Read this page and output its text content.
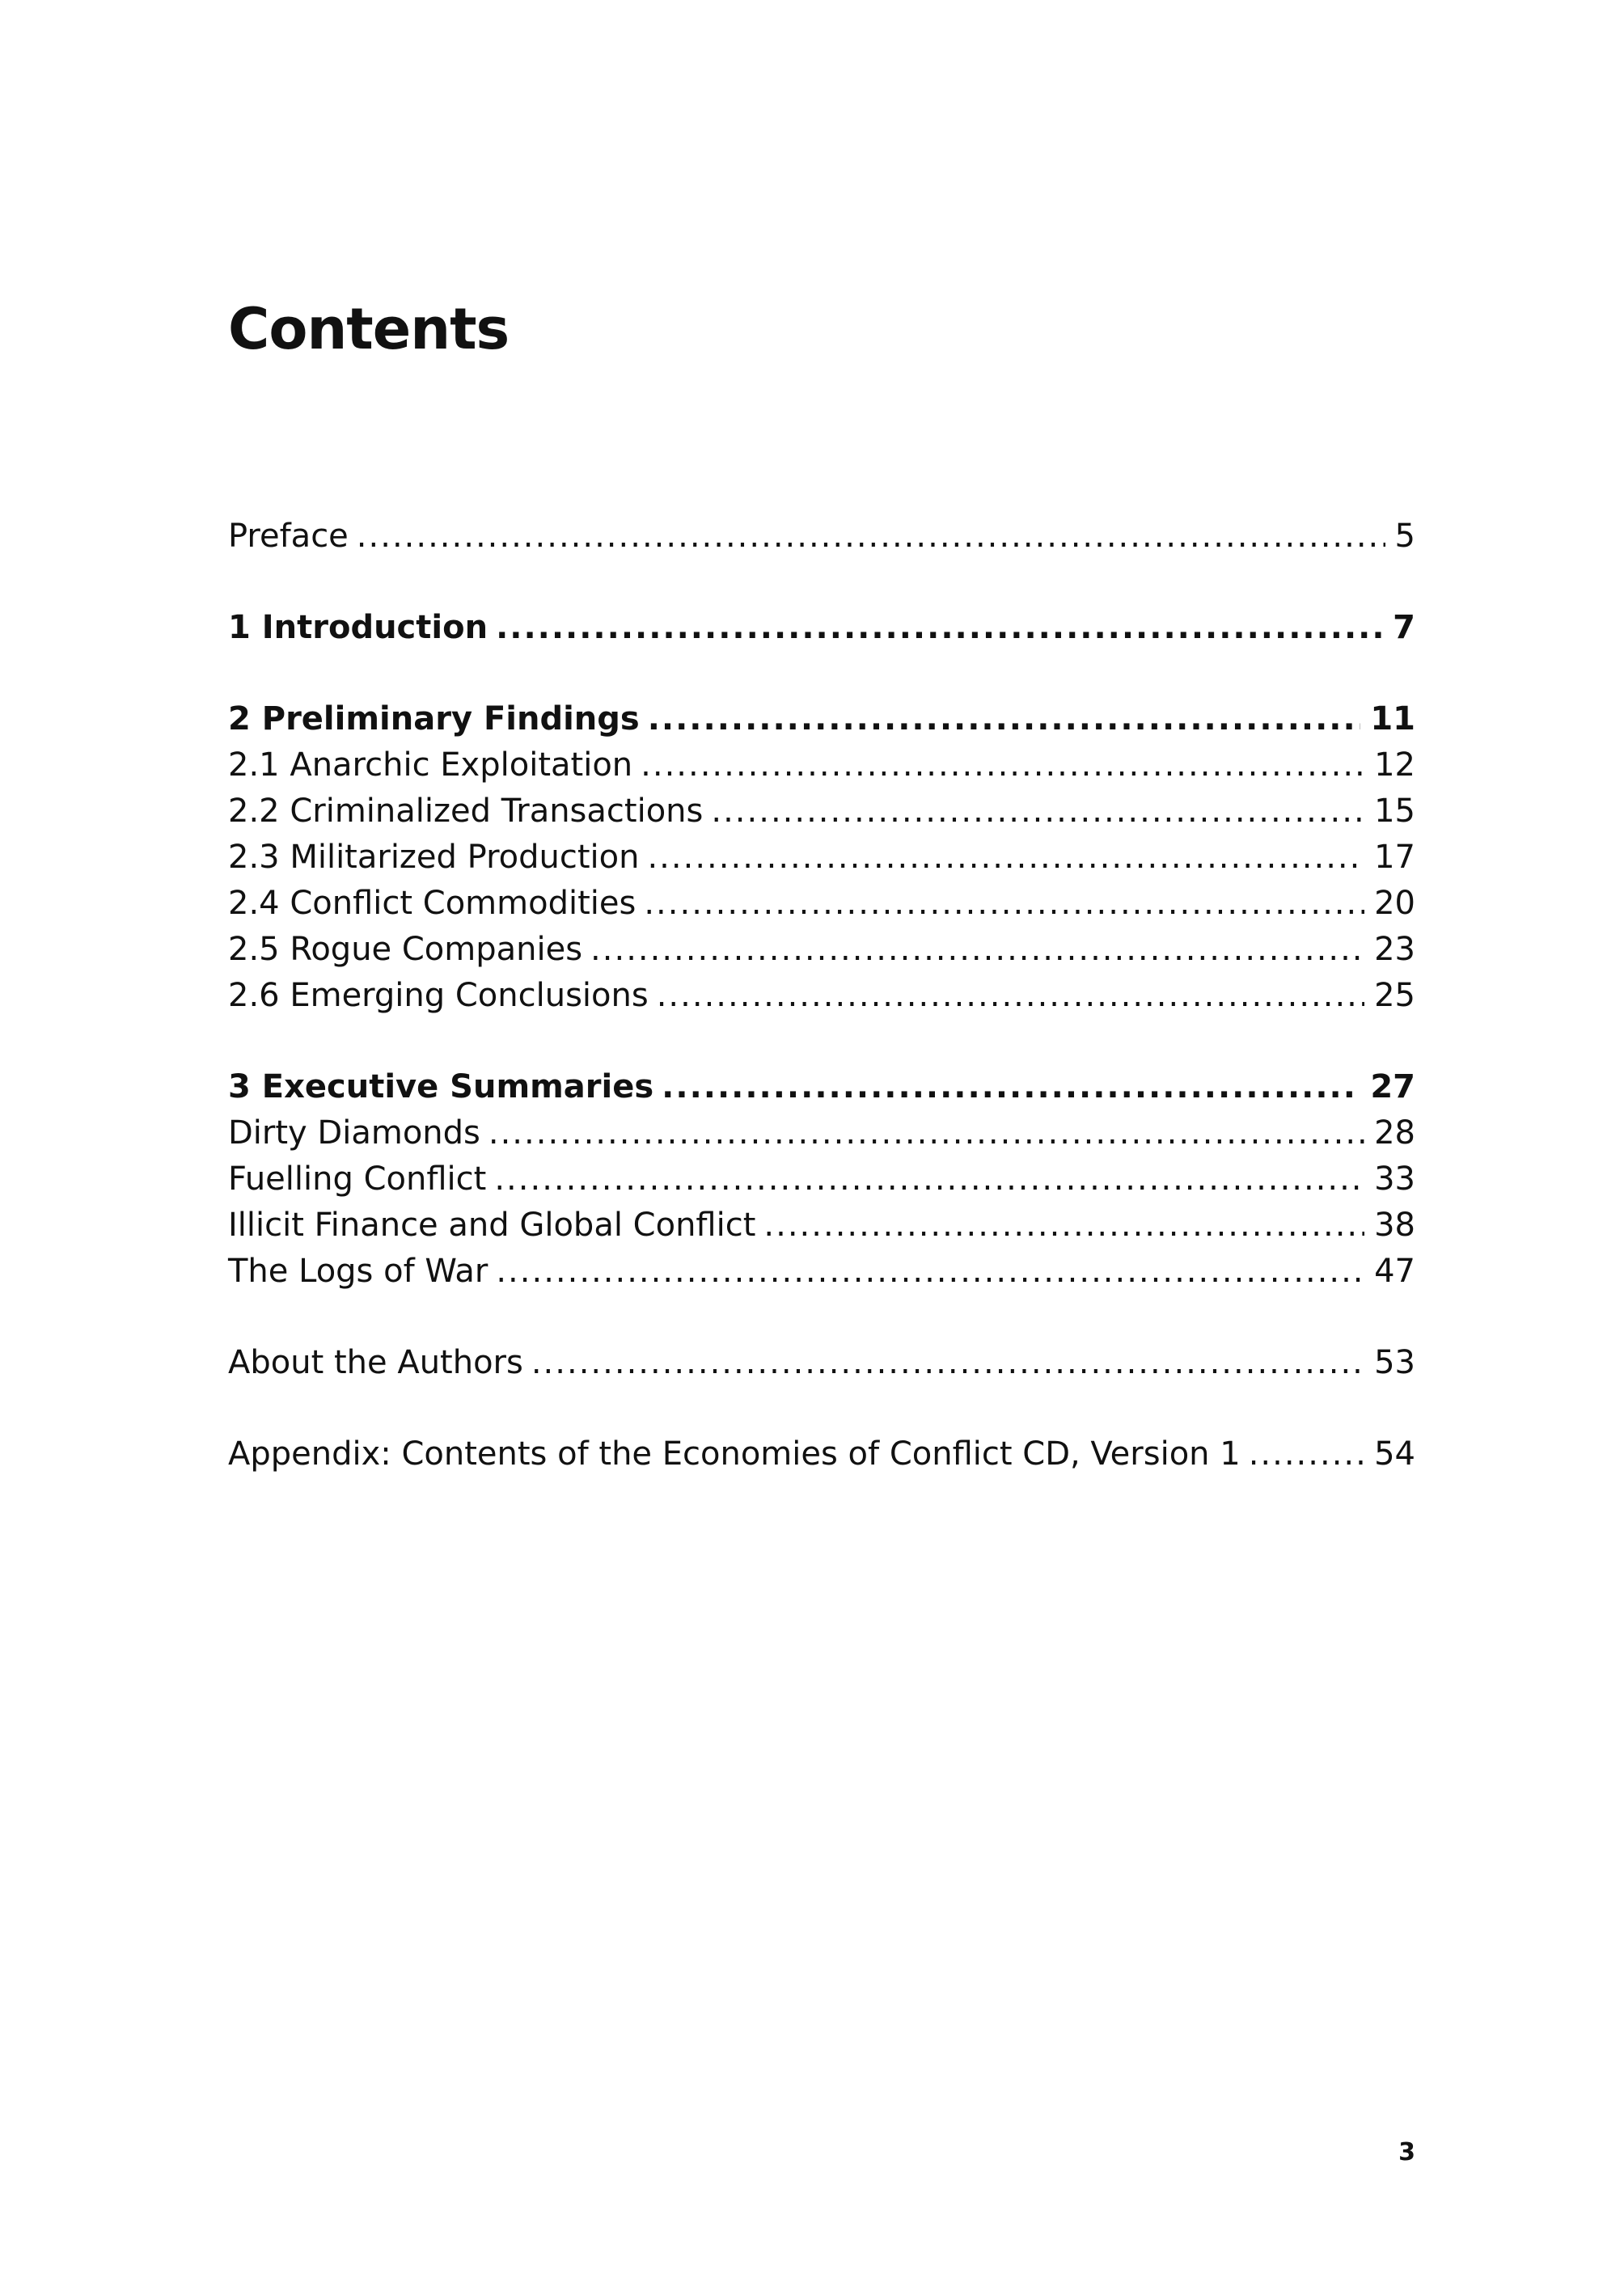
Contents
Preface .....	5
1 Introduction .....	7
2 Preliminary Findings .....	11
2.1 Anarchic Exploitation .....	12
2.2 Criminalized Transactions .....	15
2.3 Militarized Production .....	17
2.4 Conflict Commodities .....	20
2.5 Rogue Companies .....	23
2.6 Emerging Conclusions .....	25
3 Executive Summaries .....	27
Dirty Diamonds .....	28
Fuelling Conflict .....	33
Illicit Finance and Global Conflict .....	38
The Logs of War .....	47
About the Authors .....	53
Appendix: Contents of the Economies of Conflict CD, Version 1 .....	54
3
